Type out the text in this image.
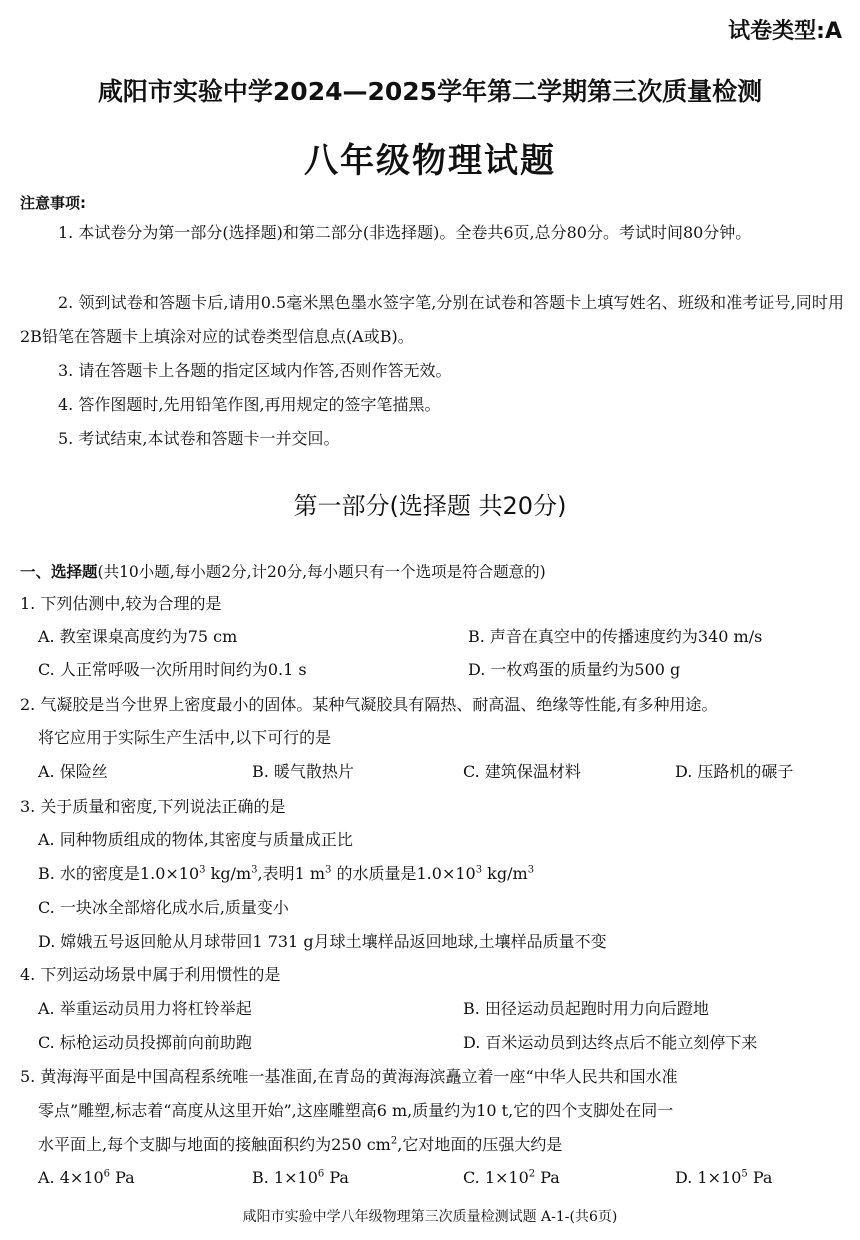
试卷类型:A
咸阳市实验中学2024—2025学年第二学期第三次质量检测
八年级物理试题
注意事项:
1. 本试卷分为第一部分(选择题)和第二部分(非选择题)。全卷共6页,总分80分。考试时间80分钟。
2. 领到试卷和答题卡后,请用0.5毫米黑色墨水签字笔,分别在试卷和答题卡上填写姓名、班级和准考证号,同时用2B铅笔在答题卡上填涂对应的试卷类型信息点(A或B)。
3. 请在答题卡上各题的指定区域内作答,否则作答无效。
4. 答作图题时,先用铅笔作图,再用规定的签字笔描黑。
5. 考试结束,本试卷和答题卡一并交回。
第一部分(选择题 共20分)
一、选择题(共10小题,每小题2分,计20分,每小题只有一个选项是符合题意的)
1. 下列估测中,较为合理的是
A. 教室课桌高度约为75 cm	B. 声音在真空中的传播速度约为340 m/s
C. 人正常呼吸一次所用时间约为0.1 s	D. 一枚鸡蛋的质量约为500 g
2. 气凝胶是当今世界上密度最小的固体。某种气凝胶具有隔热、耐高温、绝缘等性能,有多种用途。
将它应用于实际生产生活中,以下可行的是
A. 保险丝	B. 暖气散热片	C. 建筑保温材料	D. 压路机的碾子
3. 关于质量和密度,下列说法正确的是
A. 同种物质组成的物体,其密度与质量成正比
B. 水的密度是$1.0\times 10^3$ $kg/m^3$,表明1 $m^3$ 的水质量是$1.0\times 10^3$ $kg/m^3$
C. 一块冰全部熔化成水后,质量变小
D. 嫦娥五号返回舱从月球带回1 731 g月球土壤样品返回地球,土壤样品质量不变
4. 下列运动场景中属于利用惯性的是
A. 举重运动员用力将杠铃举起	B. 田径运动员起跑时用力向后蹬地
C. 标枪运动员投掷前向前助跑	D. 百米运动员到达终点后不能立刻停下来
5. 黄海海平面是中国高程系统唯一基准面,在青岛的黄海海滨矗立着一座“中华人民共和国水准
零点”雕塑,标志着“高度从这里开始”,这座雕塑高6 m,质量约为10 t,它的四个支脚处在同一
水平面上,每个支脚与地面的接触面积约为250 $cm^2$,它对地面的压强大约是
A. $4\times 10^6$ Pa	B. $1\times 10^6$ Pa	C. $1\times 10^2$ Pa	D. $1\times 10^5$ Pa
咸阳市实验中学八年级物理第三次质量检测试题 A-1-(共6页)
